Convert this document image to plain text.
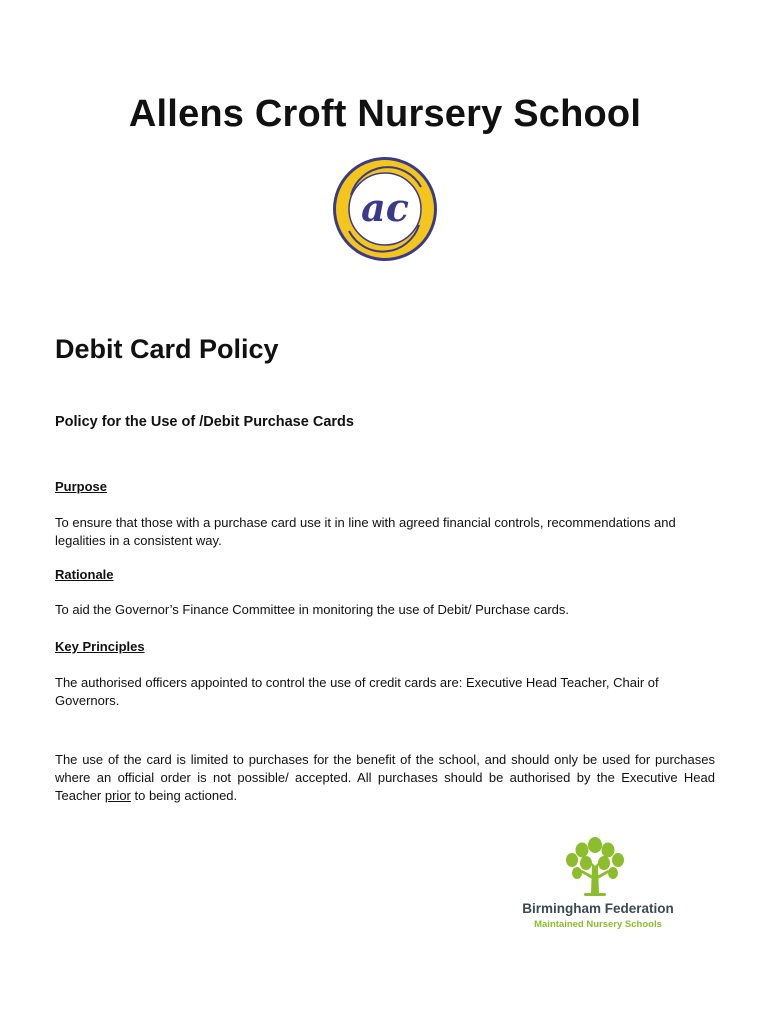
Allens Croft Nursery School
ac
Debit Card Policy
Policy for the Use of /Debit Purchase Cards
Purpose
To ensure that those with a purchase card use it in line with agreed financial controls, recommendations and legalities in a consistent way.
Rationale
To aid the Governor’s Finance Committee in monitoring the use of Debit/ Purchase cards.
Key Principles
The authorised officers appointed to control the use of credit cards are: Executive Head Teacher, Chair of Governors.
The use of the card is limited to purchases for the benefit of the school, and should only be used for purchases where an official order is not possible/ accepted. All purchases should be authorised by the Executive Head Teacher prior to being actioned.
Birmingham Federation
Maintained Nursery Schools
